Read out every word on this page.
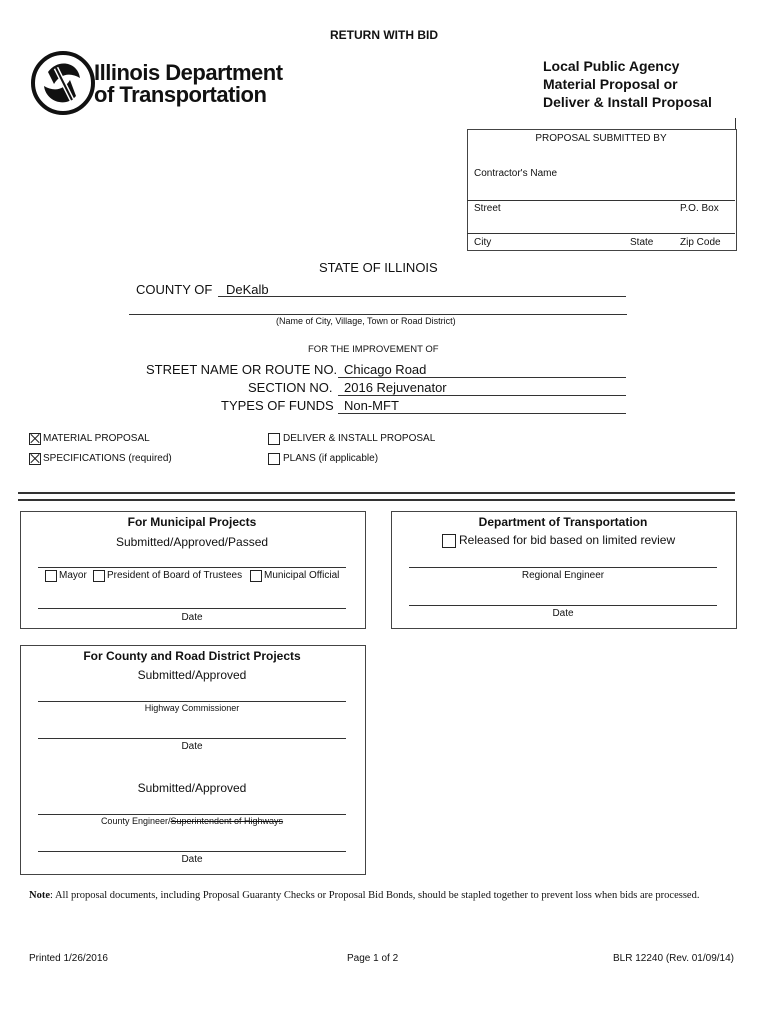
RETURN WITH BID
Illinois Department
of Transportation
Local Public Agency
Material Proposal or
Deliver & Install Proposal
PROPOSAL SUBMITTED BY
Contractor's Name
Street	P.O. Box
City	State	Zip Code
STATE OF ILLINOIS
COUNTY OF DeKalb
(Name of City, Village, Town or Road District)
FOR THE IMPROVEMENT OF
STREET NAME OR ROUTE NO. Chicago Road
SECTION NO. 2016 Rejuvenator
TYPES OF FUNDS Non-MFT
MATERIAL PROPOSAL
SPECIFICATIONS (required)
DELIVER & INSTALL PROPOSAL
PLANS (if applicable)
For Municipal Projects
Submitted/Approved/Passed
Mayor President of Board of Trustees Municipal Official
Date
Department of Transportation
Released for bid based on limited review
Regional Engineer
Date
For County and Road District Projects
Submitted/Approved
Highway Commissioner
Date
Submitted/Approved
County Engineer/Superintendent of Highways
Date
Note: All proposal documents, including Proposal Guaranty Checks or Proposal Bid Bonds, should be stapled together to prevent loss when bids are processed.
Printed 1/26/2016	Page 1 of 2	BLR 12240 (Rev. 01/09/14)
